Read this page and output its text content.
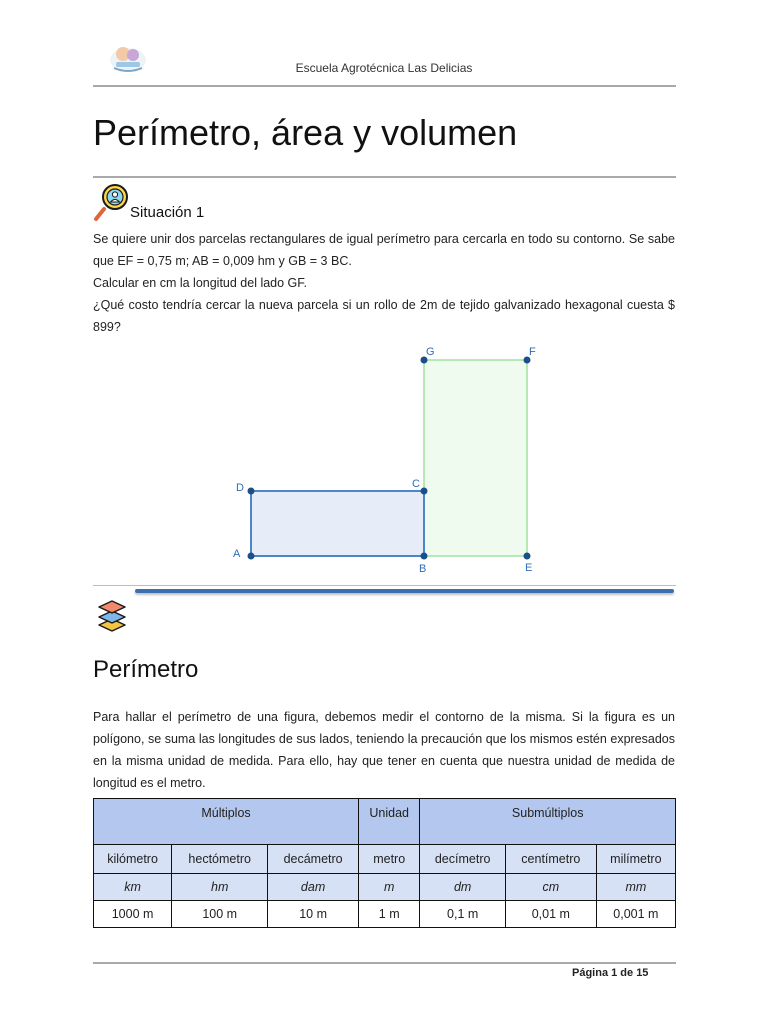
Escuela Agrotécnica Las Delicias
Perímetro, área y volumen
Situación 1

Se quiere unir dos parcelas rectangulares de igual perímetro para cercarla en todo su contorno. Se sabe que EF = 0,75 m; AB = 0,009 hm y GB = 3 BC.

Calcular en cm la longitud del lado GF.

¿Qué costo tendría cercar la nueva parcela si un rollo de 2m de tejido galvanizado hexagonal cuesta $ 899?

A
B
C
D
E
F
G
Perímetro
Para hallar el perímetro de una figura, debemos medir el contorno de la misma. Si la figura es un polígono, se suma las longitudes de sus lados, teniendo la precaución que los mismos estén expresados en la misma unidad de medida. Para ello, hay que tener en cuenta que nuestra unidad de medida de longitud es el metro.
Múltiplos			Unidad	Submúltiplos		
kilómetro	hectómetro	decámetro	metro	decímetro	centímetro	milímetro
km	hm	dam	m	dm	cm	mm
1000 m	100 m	10 m	1 m	0,1 m	0,01 m	0,001 m
Página 1 de 15
